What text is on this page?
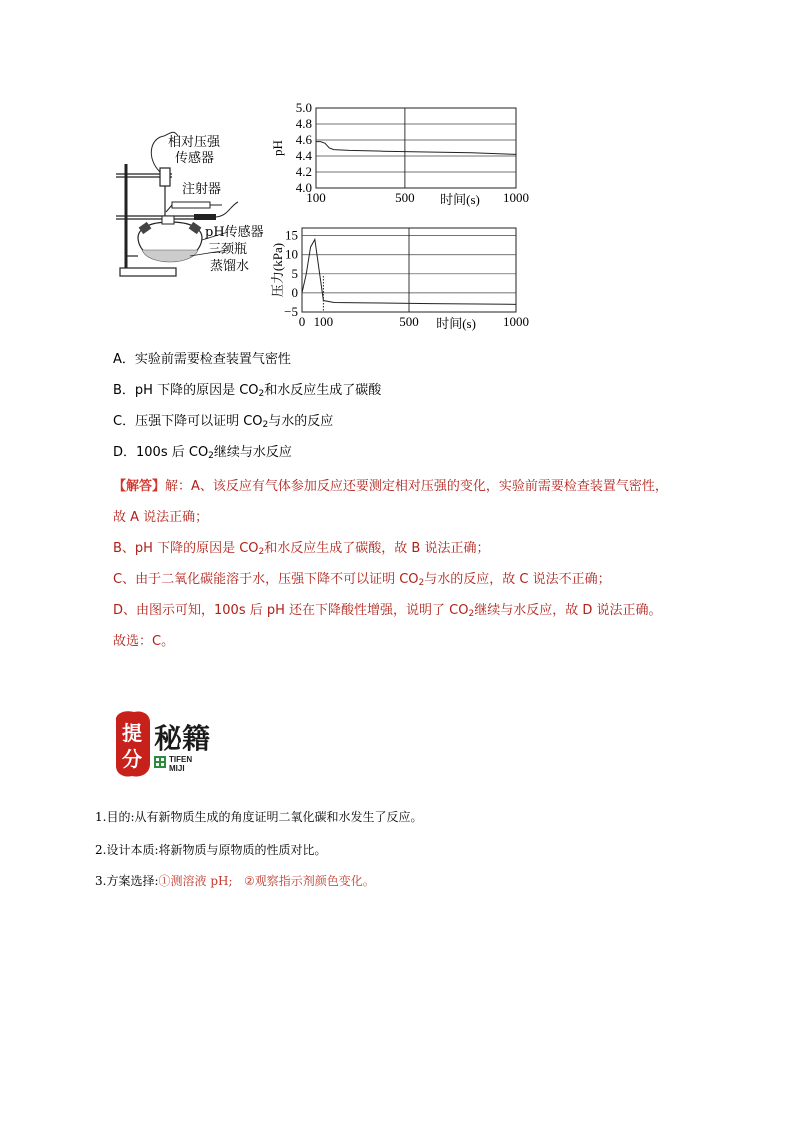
相对压强
传感器
注射器
pH传感器
三颈瓶
蒸馏水
5.0
4.8
4.6
4.4
4.2
4.0
100	500	1000
时间(s)
pH
15
10
5
0
−5
0 100	500	1000
时间(s)
压力(kPa)
A．实验前需要检查装置气密性
B．pH 下降的原因是 $CO_2$和水反应生成了碳酸
C．压强下降可以证明 $CO_2$与水的反应
D．100s 后 $CO_2$继续与水反应
【解答】解：A、该反应有气体参加反应还要测定相对压强的变化，实验前需要检查装置气密性，
故 A 说法正确；
B、pH 下降的原因是 $CO_2$和水反应生成了碳酸，故 B 说法正确；
C、由于二氧化碳能溶于水，压强下降不可以证明 $CO_2$与水的反应，故 C 说法不正确；
D、由图示可知，100s 后 pH 还在下降酸性增强，说明了 $CO_2$继续与水反应，故 D 说法正确。
故选：C。
提
分
秘籍
TIFEN
MIJI
1.目的:从有新物质生成的角度证明二氧化碳和水发生了反应。
2.设计本质:将新物质与原物质的性质对比。
3.方案选择:①测溶液 pH; ②观察指示剂颜色变化。
